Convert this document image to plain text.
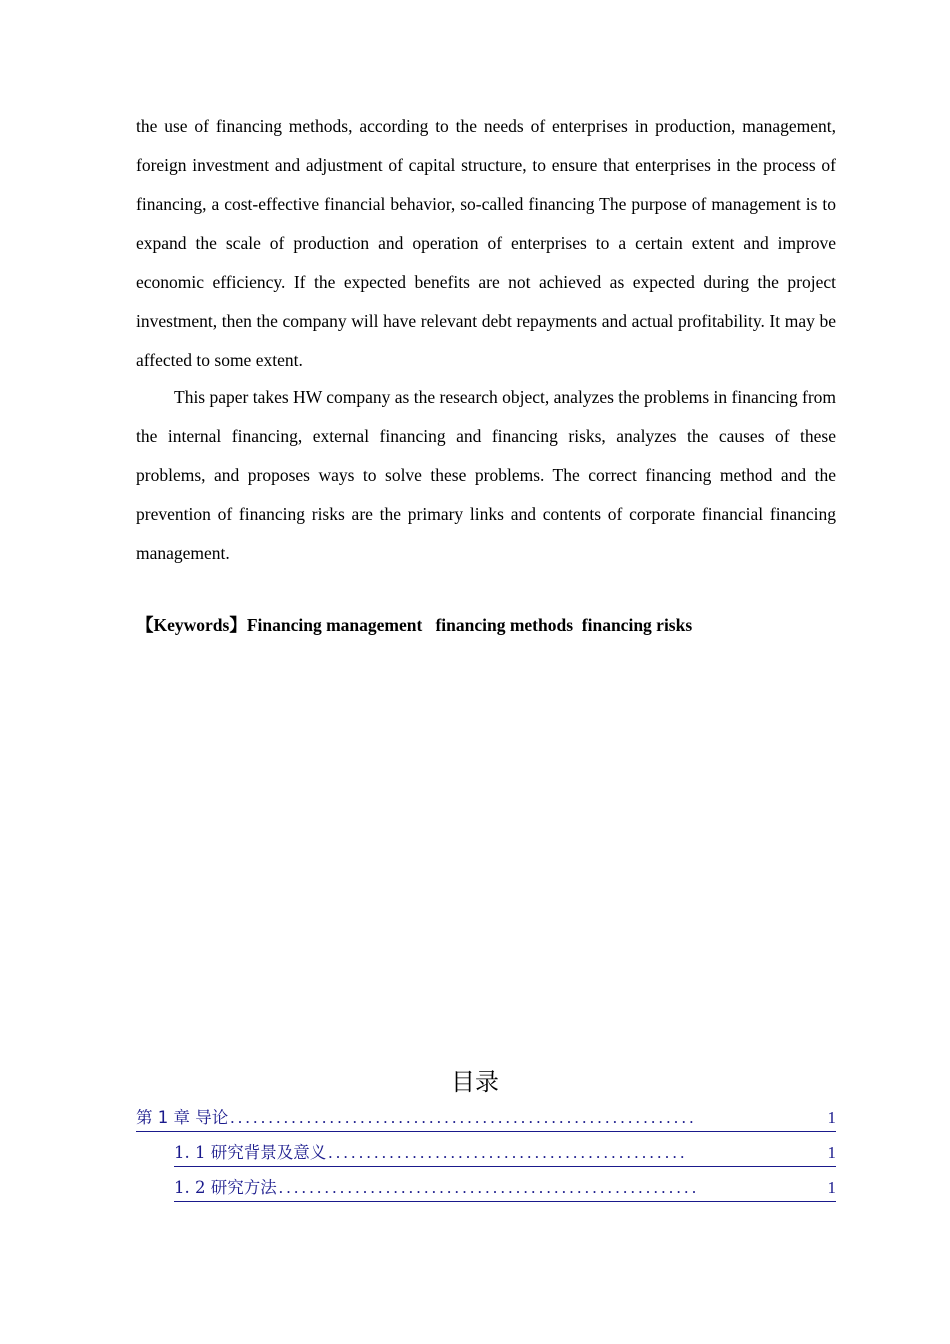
the use of financing methods, according to the needs of enterprises in production, management, foreign investment and adjustment of capital structure, to ensure that enterprises in the process of financing, a cost-effective financial behavior, so-called financing The purpose of management is to expand the scale of production and operation of enterprises to a certain extent and improve economic efficiency. If the expected benefits are not achieved as expected during the project investment, then the company will have relevant debt repayments and actual profitability. It may be affected to some extent.

This paper takes HW company as the research object, analyzes the problems in financing from the internal financing, external financing and financing risks, analyzes the causes of these problems, and proposes ways to solve these problems. The correct financing method and the prevention of financing risks are the primary links and contents of corporate financial financing management.

【Keywords】Financing management   financing methods  financing risks
目录
第 1 章 导论 .............................................................	1
1. 1 研究背景及意义 ...............................................	1
1. 2 研究方法 .......................................................	1
